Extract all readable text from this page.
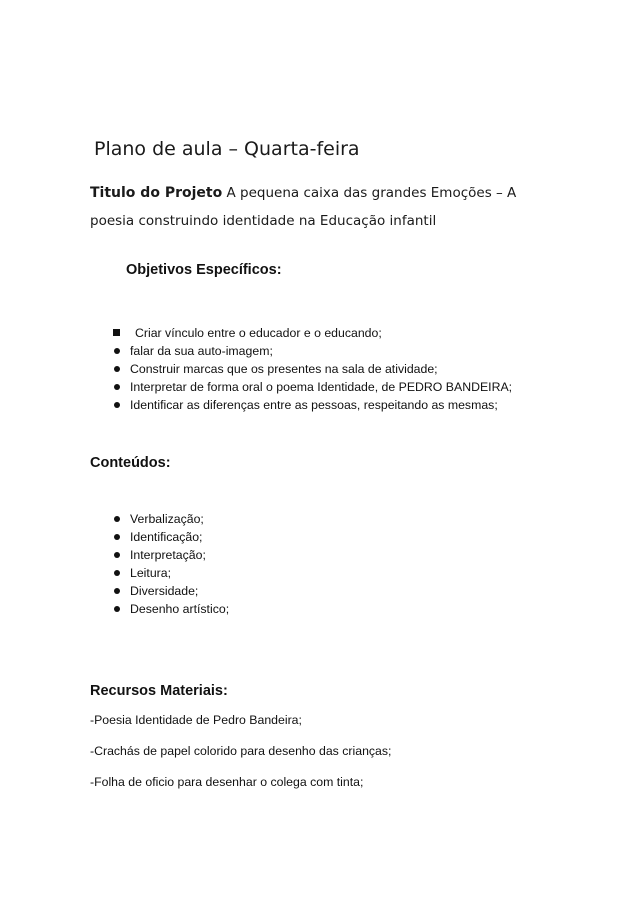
Plano de aula – Quarta-feira
Titulo do Projeto A pequena caixa das grandes Emoções – A poesia construindo identidade na Educação infantil
Objetivos Específicos:
Criar vínculo entre o educador e o educando;
falar da sua auto-imagem;
Construir marcas que os presentes na sala de atividade;
Interpretar de forma oral o poema Identidade, de PEDRO BANDEIRA;
Identificar as diferenças entre as pessoas, respeitando as mesmas;
Conteúdos:
Verbalização;
Identificação;
Interpretação;
Leitura;
Diversidade;
Desenho artístico;
Recursos Materiais:
-Poesia Identidade de Pedro Bandeira;
-Crachás de papel colorido para desenho das crianças;
-Folha de oficio para desenhar o colega com tinta;
